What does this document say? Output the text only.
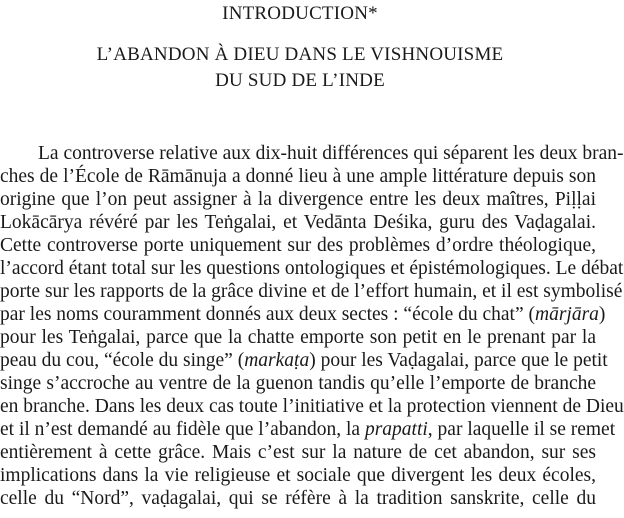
INTRODUCTION*
L’ABANDON À DIEU DANS LE VISHNOUISME
DU SUD DE L’INDE
La controverse relative aux dix-huit différences qui séparent les deux bran-
ches de l’École de Rāmānuja a donné lieu à une ample littérature depuis son
origine que l’on peut assigner à la divergence entre les deux maîtres, Piḷḷai
Lokācārya révéré par les Teṅgalai, et Vedānta Deśika, guru des Vaḍagalai.
Cette controverse porte uniquement sur des problèmes d’ordre théologique,
l’accord étant total sur les questions ontologiques et épistémologiques. Le débat
porte sur les rapports de la grâce divine et de l’effort humain, et il est symbolisé
par les noms couramment donnés aux deux sectes : “école du chat” (mārjāra)
pour les Teṅgalai, parce que la chatte emporte son petit en le prenant par la
peau du cou, “école du singe” (markaṭa) pour les Vaḍagalai, parce que le petit
singe s’accroche au ventre de la guenon tandis qu’elle l’emporte de branche
en branche. Dans les deux cas toute l’initiative et la protection viennent de Dieu
et il n’est demandé au fidèle que l’abandon, la prapatti, par laquelle il se remet
entièrement à cette grâce. Mais c’est sur la nature de cet abandon, sur ses
implications dans la vie religieuse et sociale que divergent les deux écoles,
celle du “Nord”, vaḍagalai, qui se réfère à la tradition sanskrite, celle du
